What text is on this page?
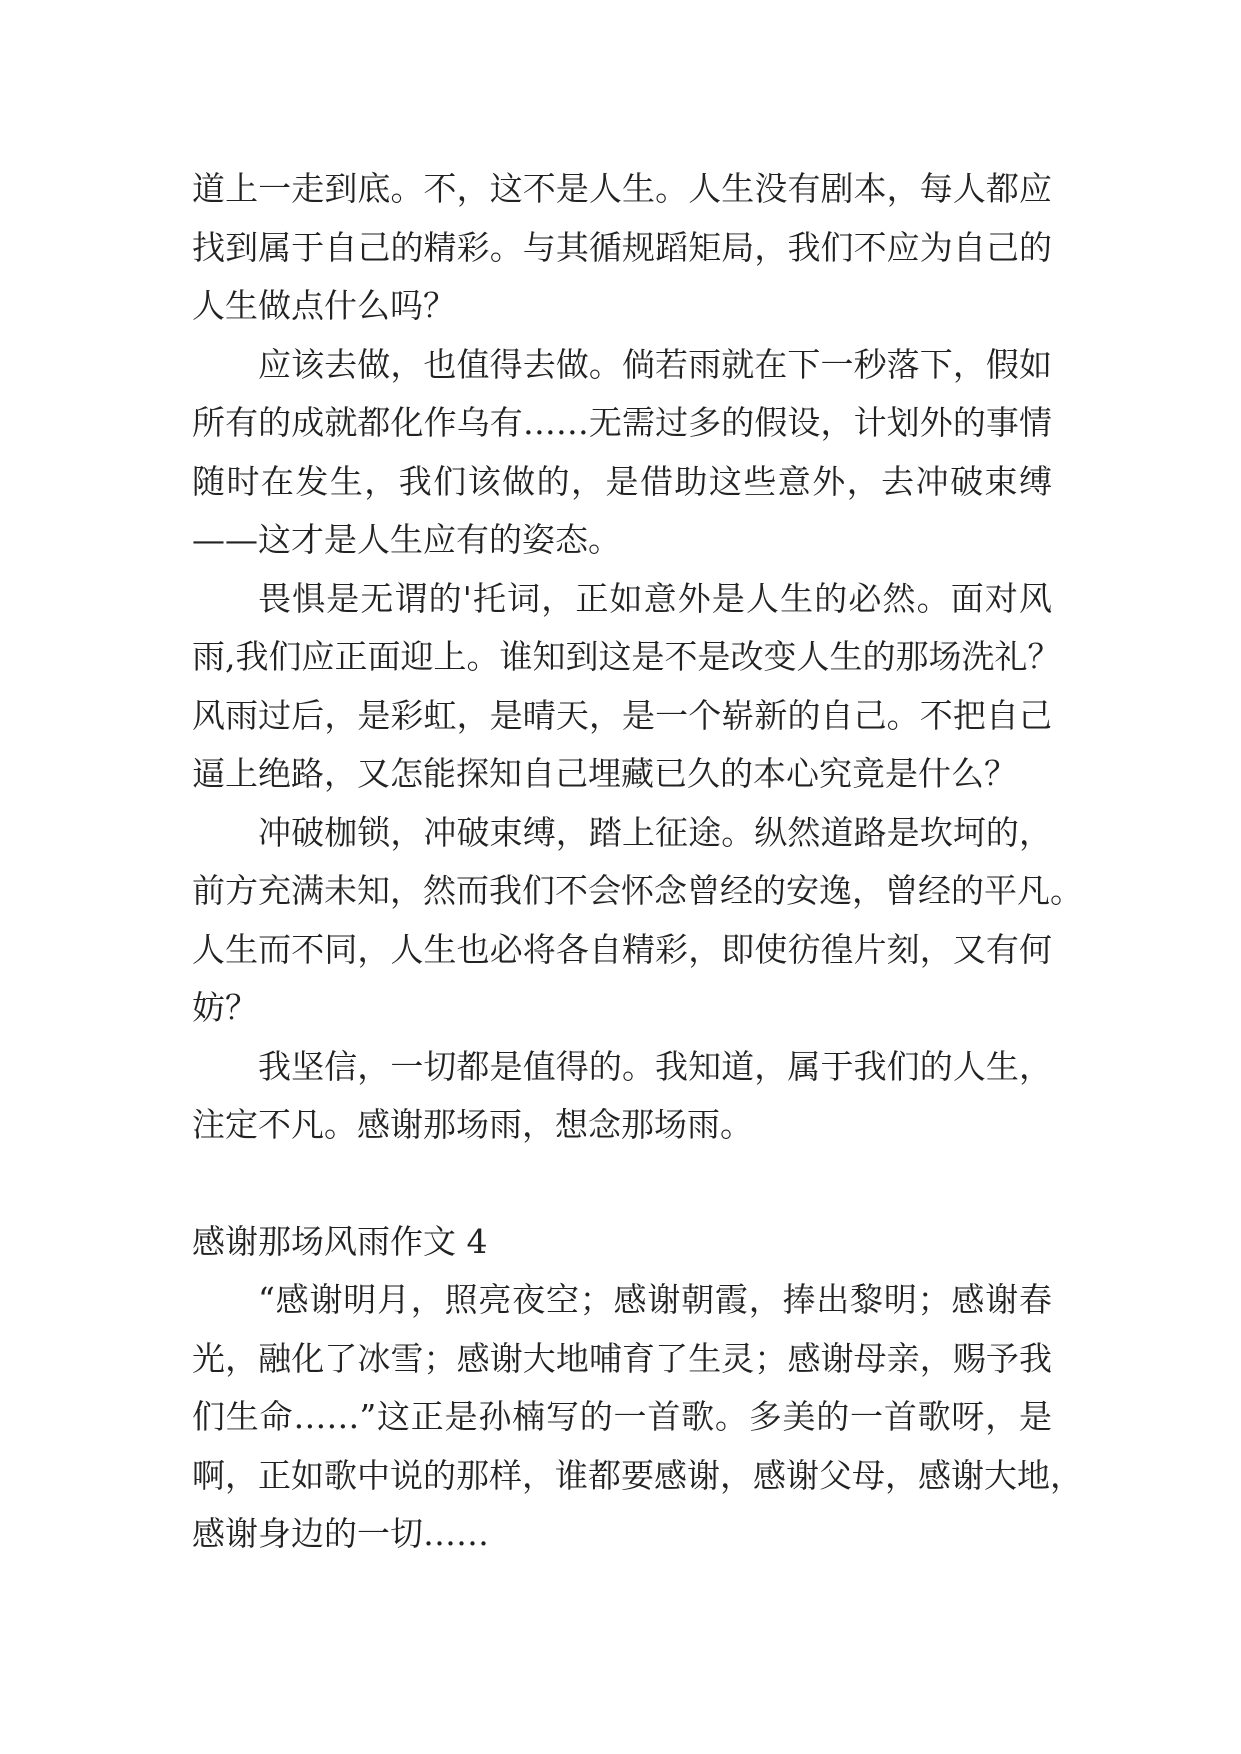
道上一走到底。不，这不是人生。人生没有剧本，每人都应
找到属于自己的精彩。与其循规蹈矩局，我们不应为自己的
人生做点什么吗？
应该去做，也值得去做。倘若雨就在下一秒落下，假如
所有的成就都化作乌有……无需过多的假设，计划外的事情
随时在发生，我们该做的，是借助这些意外，去冲破束缚
——这才是人生应有的姿态。
畏惧是无谓的'托词，正如意外是人生的必然。面对风
雨,我们应正面迎上。谁知到这是不是改变人生的那场洗礼？
风雨过后，是彩虹，是晴天，是一个崭新的自己。不把自己
逼上绝路，又怎能探知自己埋藏已久的本心究竟是什么？
冲破枷锁，冲破束缚，踏上征途。纵然道路是坎坷的，
前方充满未知，然而我们不会怀念曾经的安逸，曾经的平凡。
人生而不同，人生也必将各自精彩，即使彷徨片刻，又有何
妨？
我坚信，一切都是值得的。我知道，属于我们的人生，
注定不凡。感谢那场雨，想念那场雨。
感谢那场风雨作文 4
“感谢明月，照亮夜空；感谢朝霞，捧出黎明；感谢春
光，融化了冰雪；感谢大地哺育了生灵；感谢母亲，赐予我
们生命……”这正是孙楠写的一首歌。多美的一首歌呀，是
啊，正如歌中说的那样，谁都要感谢，感谢父母，感谢大地，
感谢身边的一切……
